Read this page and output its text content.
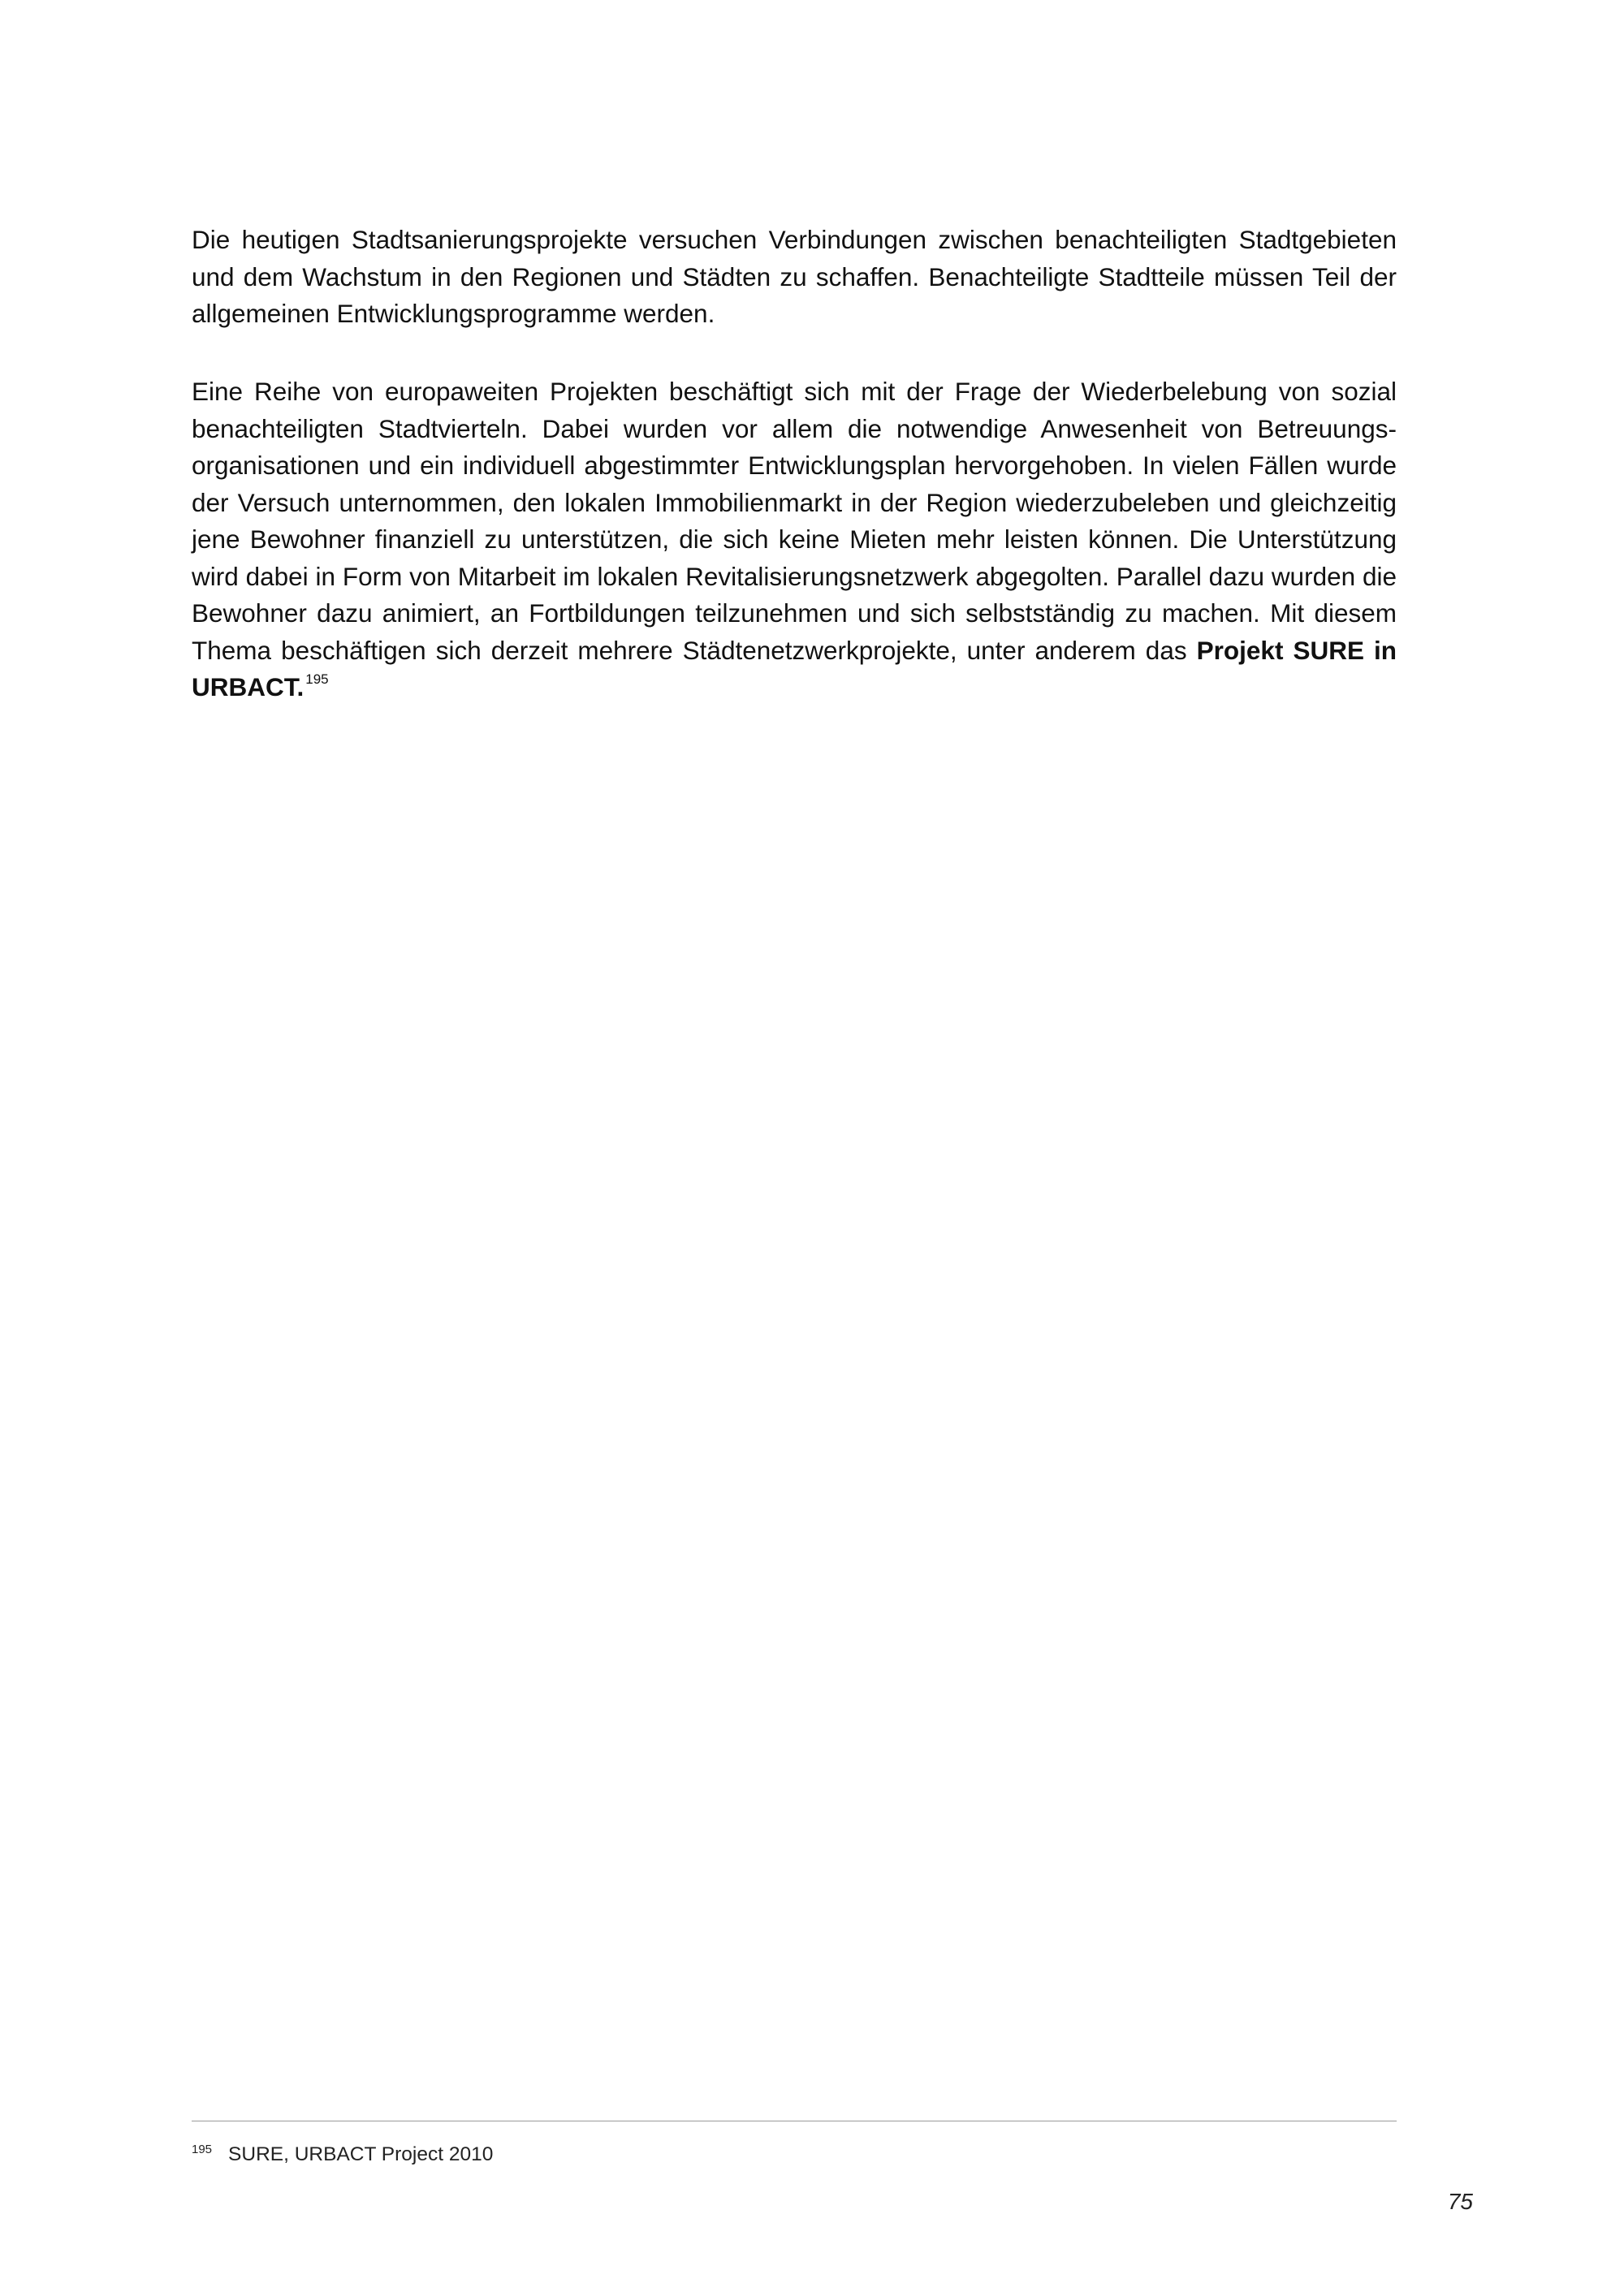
Die heutigen Stadtsanierungsprojekte versuchen Verbindungen zwischen benachteiligten Stadtgebieten und dem Wachstum in den Regionen und Städten zu schaffen. Benachteiligte Stadtteile müssen Teil der allgemeinen Entwicklungsprogramme werden.
Eine Reihe von europaweiten Projekten beschäftigt sich mit der Frage der Wiederbelebung von sozial benachteiligten Stadtvierteln. Dabei wurden vor allem die notwendige Anwesenheit von Betreuungsorganisationen und ein individuell abgestimmter Entwicklungsplan hervorgehoben. In vielen Fällen wurde der Versuch unternommen, den lokalen Immobilienmarkt in der Region wiederzubeleben und gleichzeitig jene Bewohner finanziell zu unterstützen, die sich keine Mieten mehr leisten können. Die Unterstützung wird dabei in Form von Mitarbeit im lokalen Revitalisierungsnetzwerk abgegolten. Parallel dazu wurden die Bewohner dazu animiert, an Fortbildungen teilzunehmen und sich selbstständig zu machen. Mit diesem Thema beschäftigen sich derzeit mehrere Städtenetzwerkprojekte, unter anderem das Projekt SURE in URBACT. $^{195}$
$^{195}$ SURE, URBACT Project 2010
75
